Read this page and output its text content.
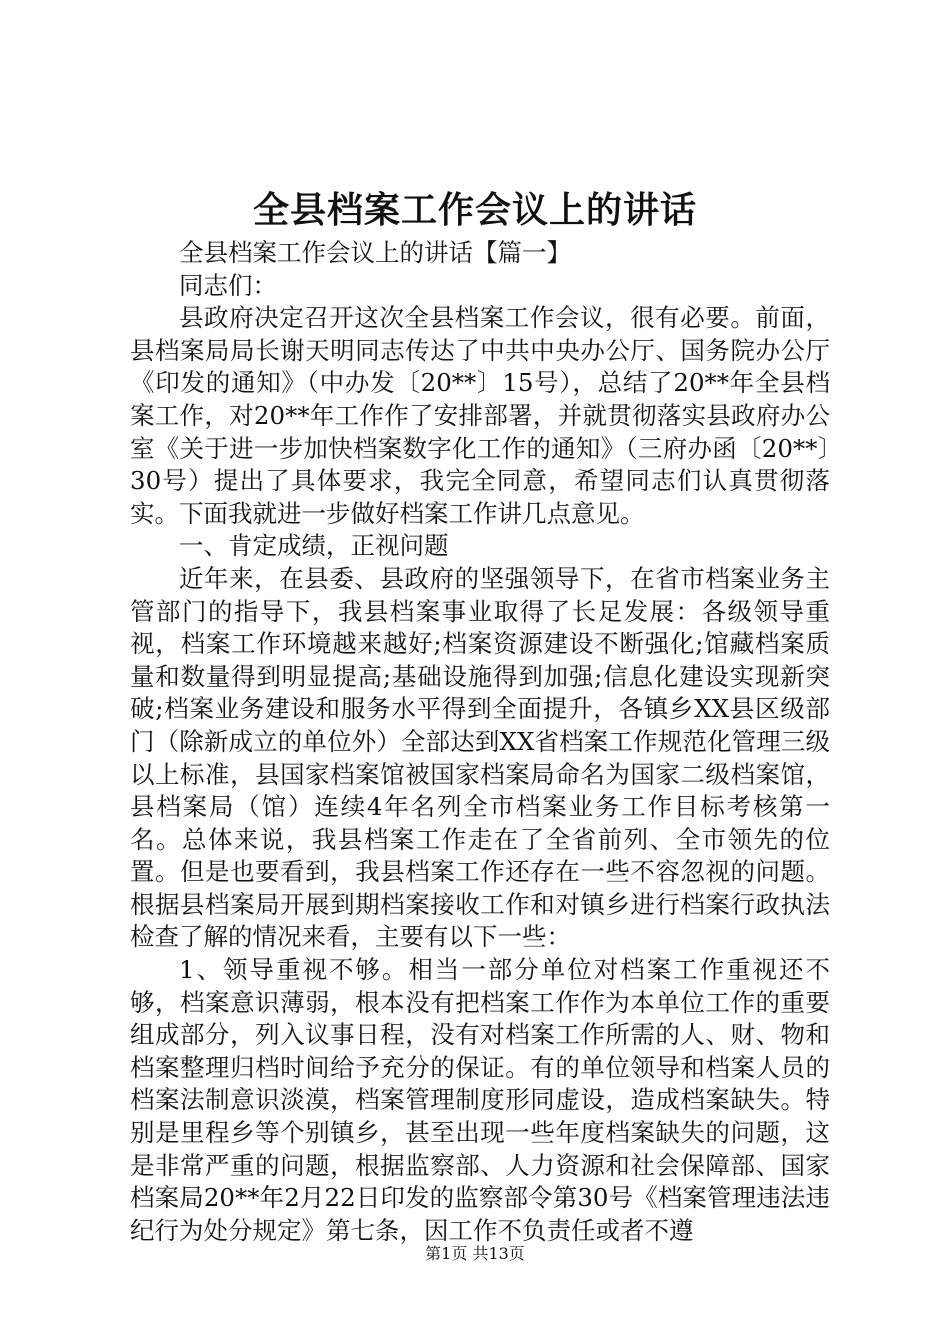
全县档案工作会议上的讲话

全县档案工作会议上的讲话【篇一】

同志们：

县政府决定召开这次全县档案工作会议，很有必要。前面，县档案局局长谢天明同志传达了中共中央办公厅、国务院办公厅《印发的通知》（中办发〔20**〕15号），总结了20**年全县档案工作，对20**年工作作了安排部署，并就贯彻落实县政府办公室《关于进一步加快档案数字化工作的通知》（三府办函〔20**〕30号）提出了具体要求，我完全同意，希望同志们认真贯彻落实。下面我就进一步做好档案工作讲几点意见。

一、肯定成绩，正视问题

近年来，在县委、县政府的坚强领导下，在省市档案业务主管部门的指导下，我县档案事业取得了长足发展：各级领导重视，档案工作环境越来越好;档案资源建设不断强化;馆藏档案质量和数量得到明显提高;基础设施得到加强;信息化建设实现新突破;档案业务建设和服务水平得到全面提升，各镇乡XX县区级部门（除新成立的单位外）全部达到XX省档案工作规范化管理三级以上标准，县国家档案馆被国家档案局命名为国家二级档案馆，县档案局（馆）连续4年名列全市档案业务工作目标考核第一名。总体来说，我县档案工作走在了全省前列、全市领先的位置。但是也要看到，我县档案工作还存在一些不容忽视的问题。根据县档案局开展到期档案接收工作和对镇乡进行档案行政执法检查了解的情况来看，主要有以下一些：

1、领导重视不够。相当一部分单位对档案工作重视还不够，档案意识薄弱，根本没有把档案工作作为本单位工作的重要组成部分，列入议事日程，没有对档案工作所需的人、财、物和档案整理归档时间给予充分的保证。有的单位领导和档案人员的档案法制意识淡漠，档案管理制度形同虚设，造成档案缺失。特别是里程乡等个别镇乡，甚至出现一些年度档案缺失的问题，这是非常严重的问题，根据监察部、人力资源和社会保障部、国家档案局20**年2月22日印发的监察部令第30号《档案管理违法违纪行为处分规定》第七条，因工作不负责任或者不遵

第1页 共13页
